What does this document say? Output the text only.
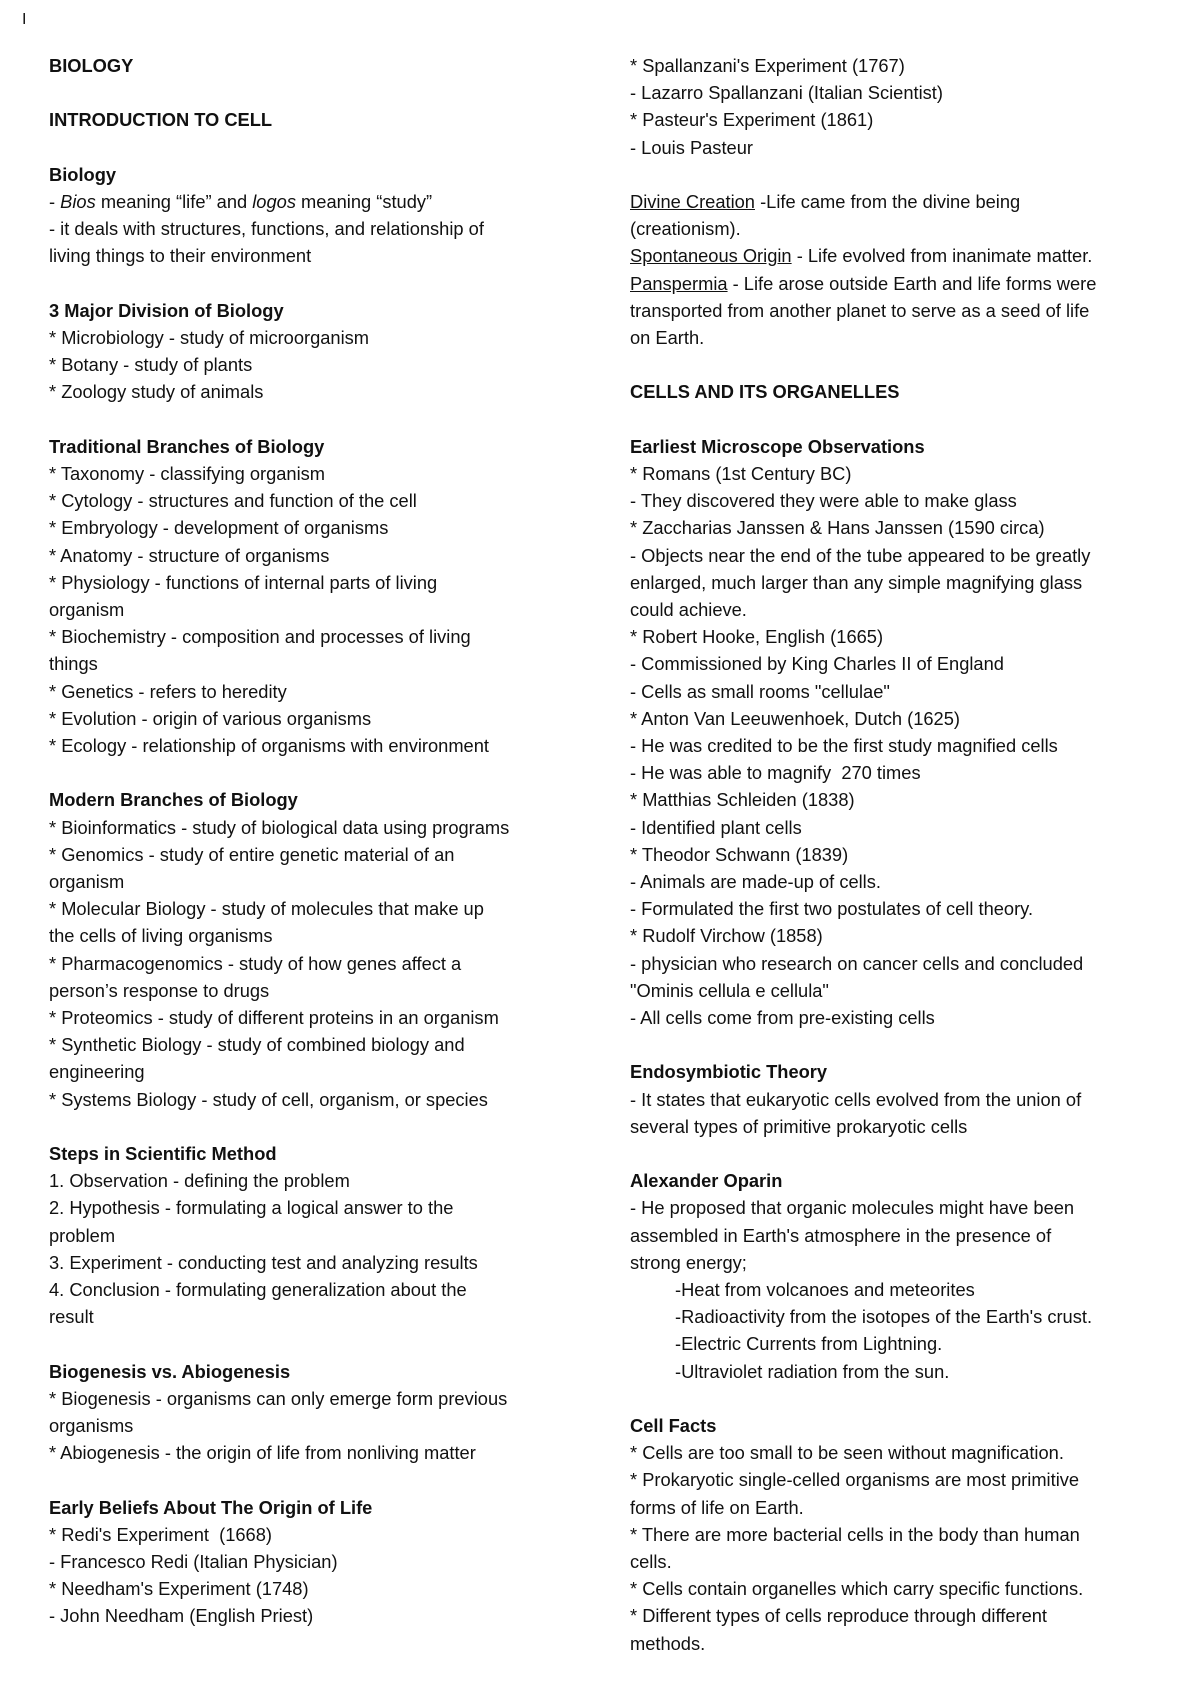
I

BIOLOGY

INTRODUCTION TO CELL

Biology

- Bios meaning “life” and logos meaning “study”

- it deals with structures, functions, and relationship of

living things to their environment

3 Major Division of Biology

* Microbiology - study of microorganism

* Botany - study of plants

* Zoology study of animals

Traditional Branches of Biology

* Taxonomy - classifying organism

* Cytology - structures and function of the cell

* Embryology - development of organisms

* Anatomy - structure of organisms

* Physiology - functions of internal parts of living

organism

* Biochemistry - composition and processes of living

things

* Genetics - refers to heredity

* Evolution - origin of various organisms

* Ecology - relationship of organisms with environment

Modern Branches of Biology

* Bioinformatics - study of biological data using programs

* Genomics - study of entire genetic material of an

organism

* Molecular Biology - study of molecules that make up

the cells of living organisms

* Pharmacogenomics - study of how genes affect a

person’s response to drugs

* Proteomics - study of different proteins in an organism

* Synthetic Biology - study of combined biology and

engineering

* Systems Biology - study of cell, organism, or species

Steps in Scientific Method

1. Observation - defining the problem

2. Hypothesis - formulating a logical answer to the

problem

3. Experiment - conducting test and analyzing results

4. Conclusion - formulating generalization about the

result

Biogenesis vs. Abiogenesis

* Biogenesis - organisms can only emerge form previous

organisms

* Abiogenesis - the origin of life from nonliving matter

Early Beliefs About The Origin of Life

* Redi's Experiment  (1668)

- Francesco Redi (Italian Physician)

* Needham's Experiment (1748)

- John Needham (English Priest)

* Spallanzani's Experiment (1767)

- Lazarro Spallanzani (Italian Scientist)

* Pasteur's Experiment (1861)

- Louis Pasteur

Divine Creation -Life came from the divine being

(creationism).

Spontaneous Origin - Life evolved from inanimate matter.

Panspermia - Life arose outside Earth and life forms were

transported from another planet to serve as a seed of life

on Earth.

CELLS AND ITS ORGANELLES

Earliest Microscope Observations

* Romans (1st Century BC)

- They discovered they were able to make glass

* Zaccharias Janssen & Hans Janssen (1590 circa)

- Objects near the end of the tube appeared to be greatly

enlarged, much larger than any simple magnifying glass

could achieve.

* Robert Hooke, English (1665)

- Commissioned by King Charles II of England

- Cells as small rooms "cellulae"

* Anton Van Leeuwenhoek, Dutch (1625)

- He was credited to be the first study magnified cells

- He was able to magnify  270 times

* Matthias Schleiden (1838)

- Identified plant cells

* Theodor Schwann (1839)

- Animals are made-up of cells.

- Formulated the first two postulates of cell theory.

* Rudolf Virchow (1858)

- physician who research on cancer cells and concluded

"Ominis cellula e cellula"

- All cells come from pre-existing cells

Endosymbiotic Theory

- It states that eukaryotic cells evolved from the union of

several types of primitive prokaryotic cells

Alexander Oparin

- He proposed that organic molecules might have been

assembled in Earth's atmosphere in the presence of

strong energy;

-Heat from volcanoes and meteorites

-Radioactivity from the isotopes of the Earth's crust.

-Electric Currents from Lightning.

-Ultraviolet radiation from the sun.

Cell Facts

* Cells are too small to be seen without magnification.

* Prokaryotic single-celled organisms are most primitive

forms of life on Earth.

* There are more bacterial cells in the body than human

cells.

* Cells contain organelles which carry specific functions.

* Different types of cells reproduce through different

methods.
